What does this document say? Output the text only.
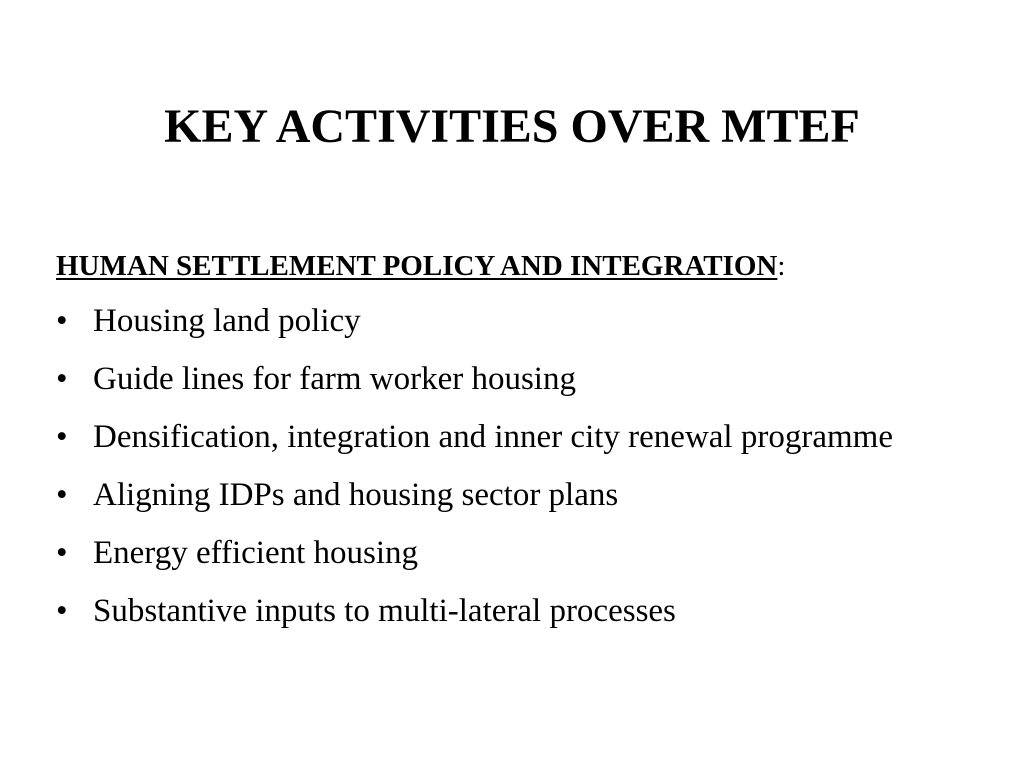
KEY ACTIVITIES OVER MTEF

HUMAN SETTLEMENT POLICY AND INTEGRATION:

• Housing land policy
• Guide lines for farm worker housing
• Densification, integration and inner city renewal programme
• Aligning IDPs and housing sector plans
• Energy efficient housing
• Substantive inputs to multi-lateral processes
